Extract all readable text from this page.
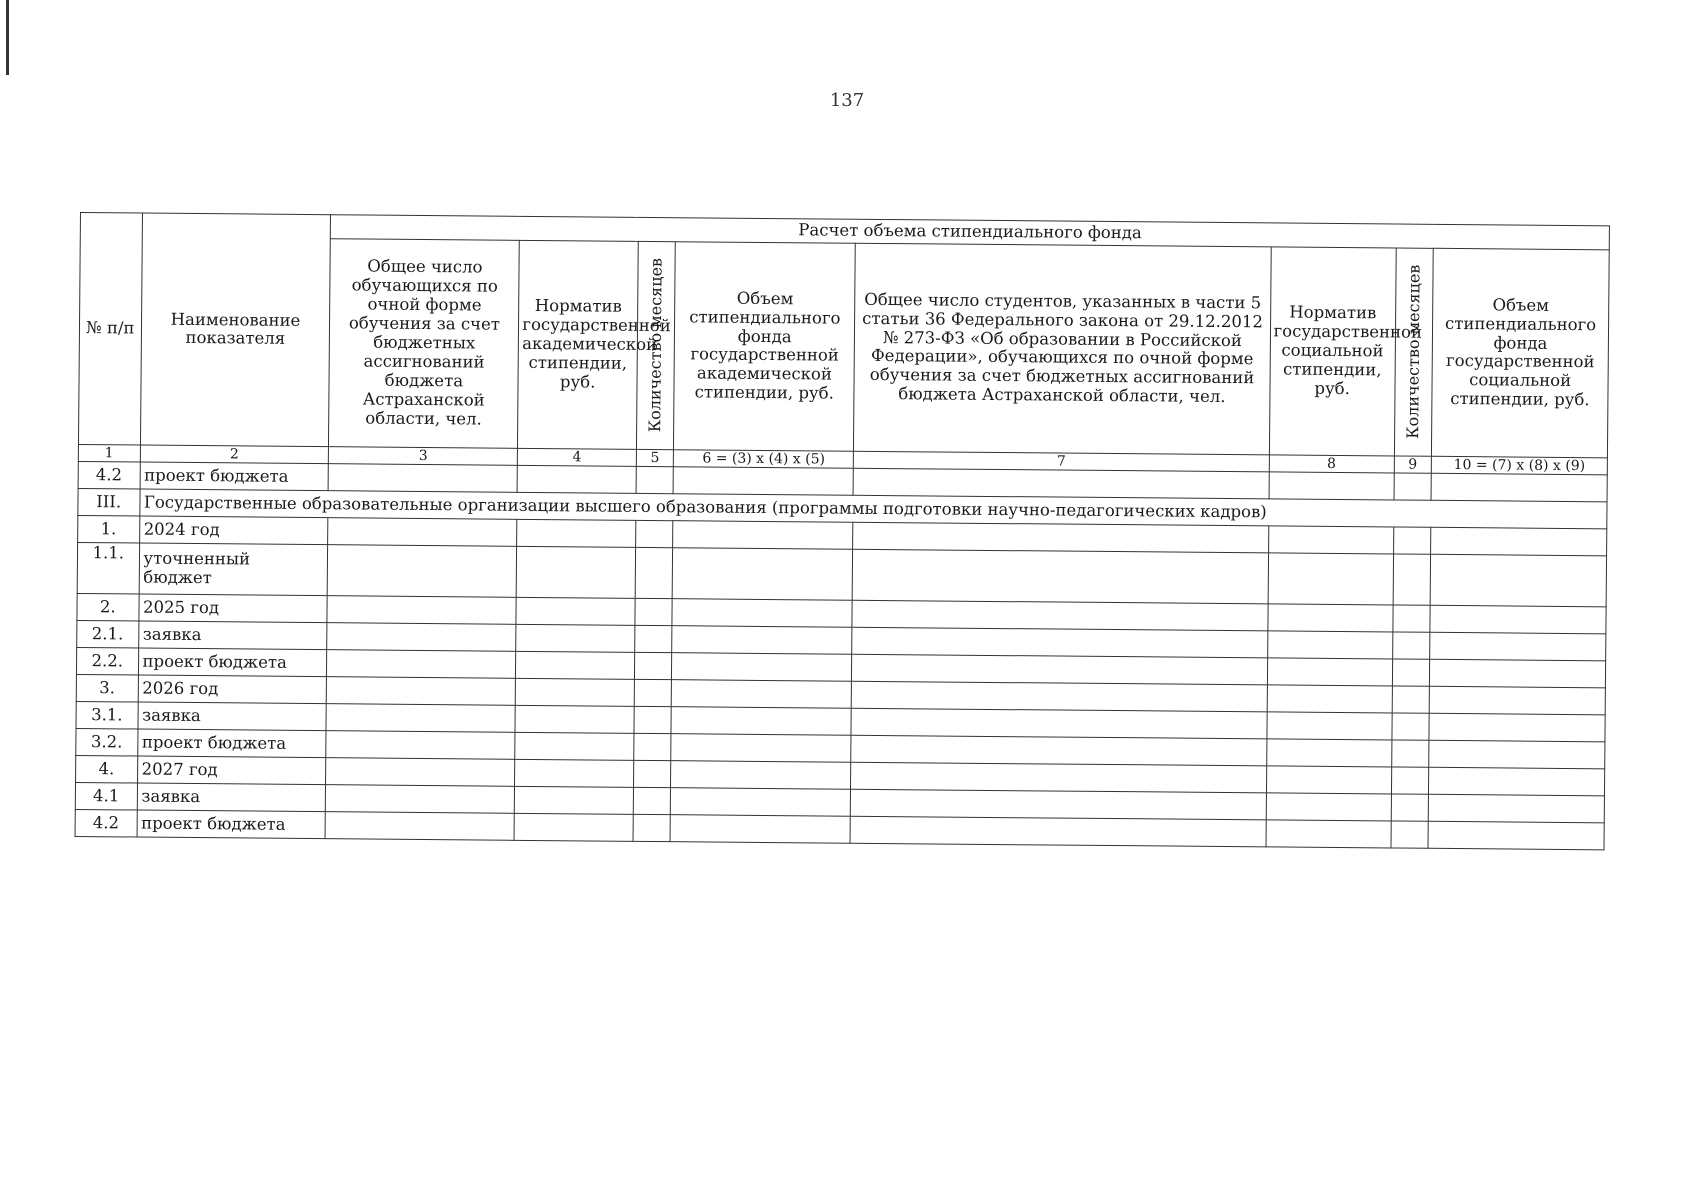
137
№ п/п	Наименование показателя	Расчет объема стипендиального фонда							
		Общее число обучающихся по очной форме обучения за счет бюджетных ассигнований бюджета Астраханской области, чел.	Норматив государственной академической стипендии, руб.	Количество месяцев	Объем стипендиального фонда государственной академической стипендии, руб.	Общее число студентов, указанных в части 5 статьи 36 Федерального закона от 29.12.2012 № 273-ФЗ «Об образовании в Российской Федерации», обучающихся по очной форме обучения за счет бюджетных ассигнований бюджета Астраханской области, чел.	Норматив государственной социальной стипендии, руб.	Количество месяцев	Объем стипендиального фонда государственной социальной стипендии, руб.
1	2	3	4	5	6 = (3) x (4) x (5)	7	8	9	10 = (7) x (8) x (9)
4.2	проект бюджета								
III.	Государственные образовательные организации высшего образования (программы подготовки научно-педагогических кадров)								
1.	2024 год								
1.1.	уточненный бюджет								
2.	2025 год								
2.1.	заявка								
2.2.	проект бюджета								
3.	2026 год								
3.1.	заявка								
3.2.	проект бюджета								
4.	2027 год								
4.1	заявка								
4.2	проект бюджета								
